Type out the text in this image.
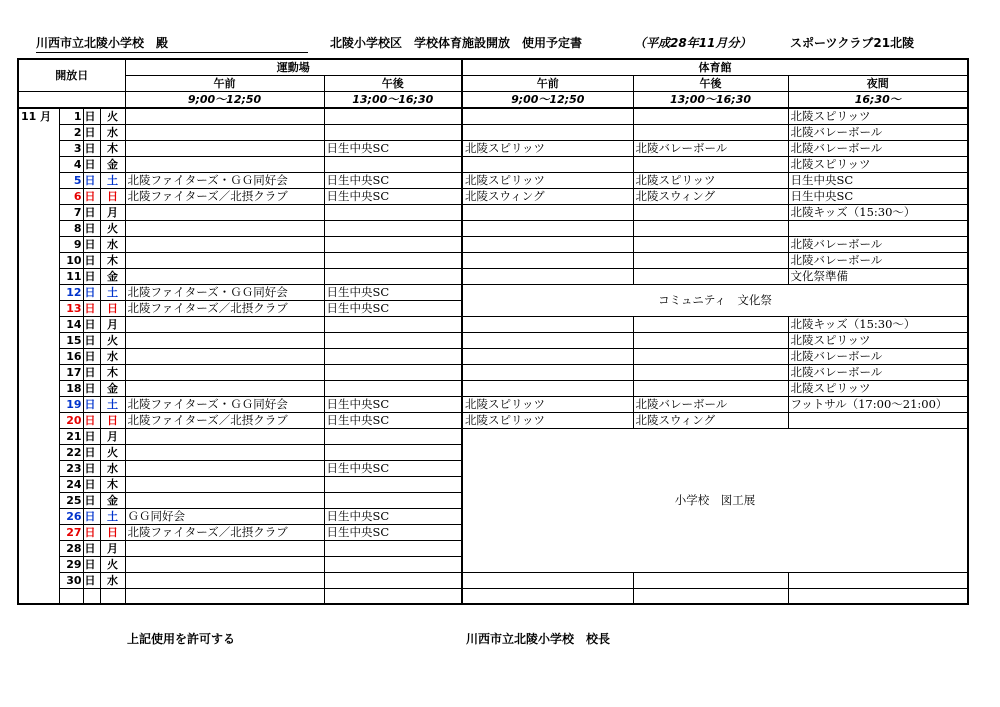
川西市立北陵小学校　殿	北陵小学校区　学校体育施設開放　使用予定書	（平成28年11月分）	スポーツクラブ21北陵
開放日				運動場		体育館		
				午前	午後	午前	午後	夜間
				9;00～12;50	13;00～16;30	9;00～12;50	13;00～16;30	16;30～
11 月	1	日	火					北陵スピリッツ
	2	日	水					北陵バレーボール
	3	日	木		日生中央SC	北陵スピリッツ	北陵バレーボール	北陵バレーボール
	4	日	金					北陵スピリッツ
	5	日	土	北陵ファイターズ・ＧＧ同好会	日生中央SC	北陵スピリッツ	北陵スピリッツ	日生中央SC
	6	日	日	北陵ファイターズ／北摂クラブ	日生中央SC	北陵スウィング	北陵スウィング	日生中央SC
	7	日	月					北陵キッズ（15:30～）
	8	日	火					
	9	日	水					北陵バレーボール
	10	日	木					北陵バレーボール
	11	日	金					文化祭準備
	12	日	土	北陵ファイターズ・ＧＧ同好会	日生中央SC	コミュニティ　文化祭		
	13	日	日	北陵ファイターズ／北摂クラブ	日生中央SC			
	14	日	月					北陵キッズ（15:30～）
	15	日	火					北陵スピリッツ
	16	日	水					北陵バレーボール
	17	日	木					北陵バレーボール
	18	日	金					北陵スピリッツ
	19	日	土	北陵ファイターズ・ＧＧ同好会	日生中央SC	北陵スピリッツ	北陵バレーボール	フットサル（17:00～21:00）
	20	日	日	北陵ファイターズ／北摂クラブ	日生中央SC	北陵スピリッツ	北陵スウィング	
	21	日	月			小学校　図工展		
	22	日	火					
	23	日	水		日生中央SC			
	24	日	木					
	25	日	金					
	26	日	土	ＧＧ同好会	日生中央SC			
	27	日	日	北陵ファイターズ／北摂クラブ	日生中央SC			
	28	日	月					
	29	日	火					
	30	日	水					

上記使用を許可する	川西市立北陵小学校　校長
